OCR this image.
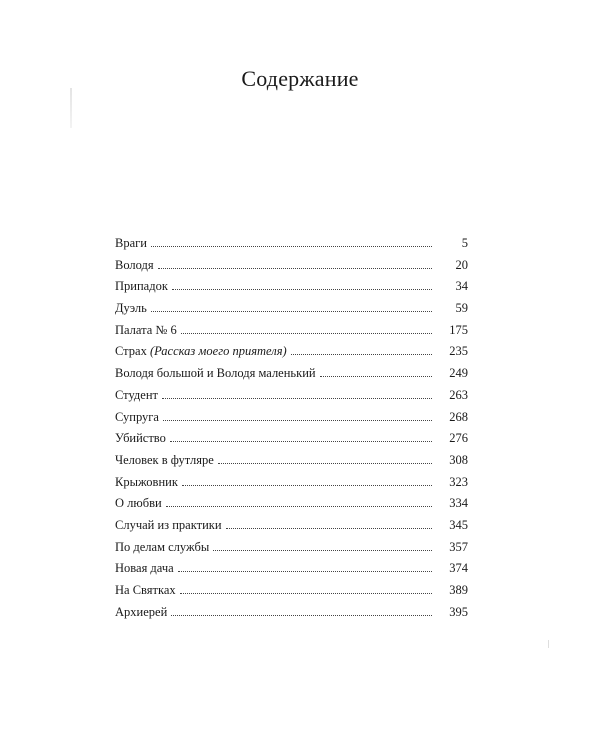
Содержание
Враги	5
Володя	20
Припадок	34
Дуэль	59
Палата № 6	175
Страх (Рассказ моего приятеля)	235
Володя большой и Володя маленький	249
Студент	263
Супруга	268
Убийство	276
Человек в футляре	308
Крыжовник	323
О любви	334
Случай из практики	345
По делам службы	357
Новая дача	374
На Святках	389
Архиерей	395
